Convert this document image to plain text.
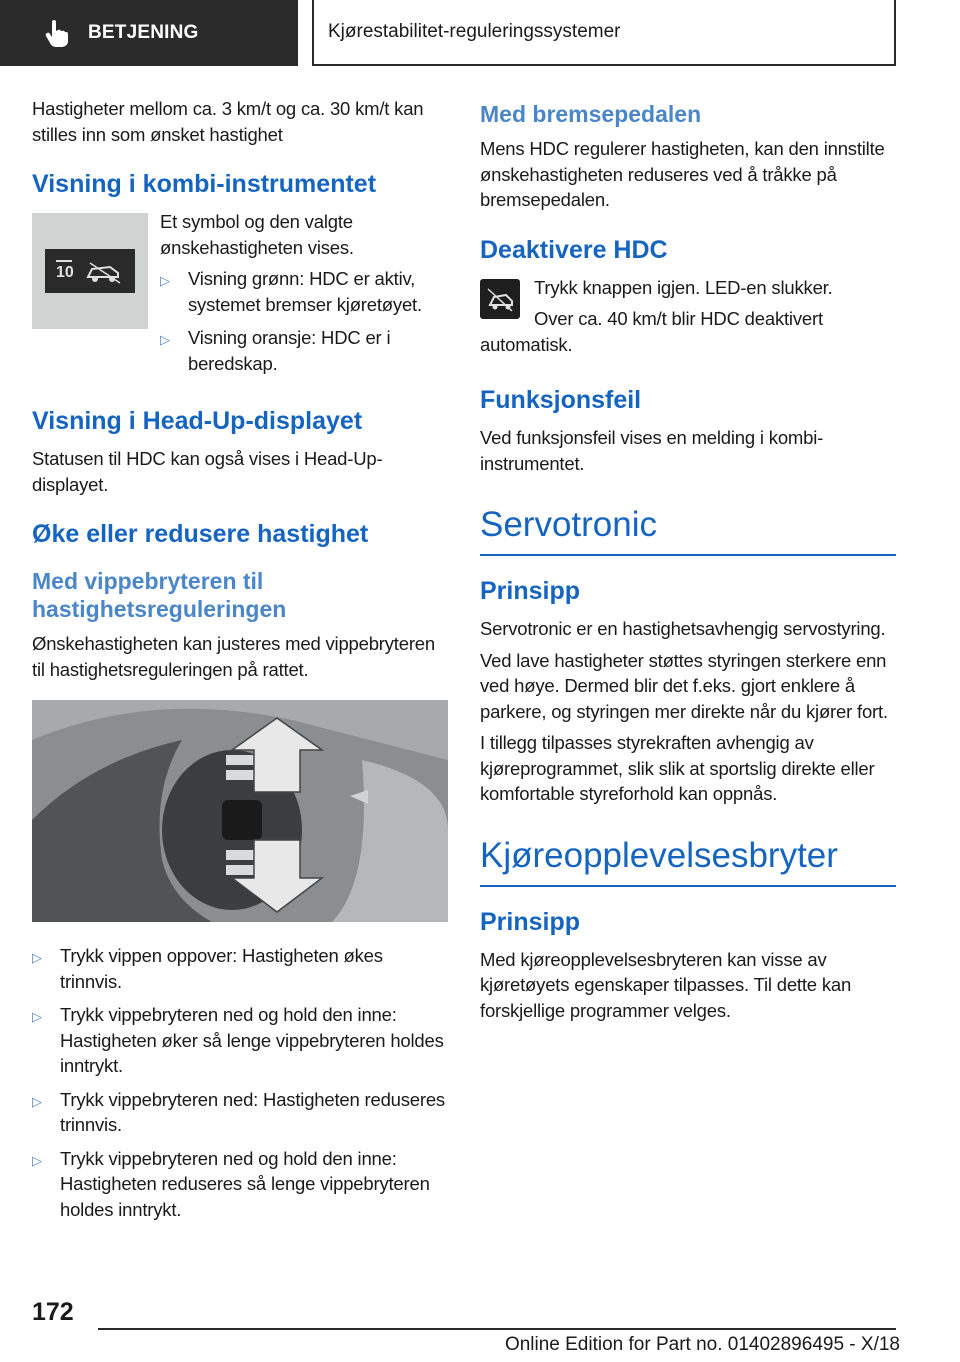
BETJENING	Kjørestabilitet-reguleringssystemer

Hastigheter mellom ca. 3 km/t og ca. 30 km/t kan stilles inn som ønsket hastighet

Visning i kombi-instrumentet
10

Et symbol og den valgte ønskehastigheten vises.

▷ Visning grønn: HDC er aktiv, systemet bremser kjøretøyet.
▷ Visning oransje: HDC er i beredskap.
Visning i Head-Up-displayet

Statusen til HDC kan også vises i Head-Up-displayet.

Øke eller redusere hastighet
Med vippebryteren til hastighetsreguleringen

Ønskehastigheten kan justeres med vippebryteren til hastighetsreguleringen på rattet.

▷ Trykk vippen oppover: Hastigheten økes trinnvis.
▷ Trykk vippebryteren ned og hold den inne: Hastigheten øker så lenge vippebryteren holdes inntrykt.
▷ Trykk vippebryteren ned: Hastigheten reduseres trinnvis.
▷ Trykk vippebryteren ned og hold den inne: Hastigheten reduseres så lenge vippebryteren holdes inntrykt.
Med bremsepedalen

Mens HDC regulerer hastigheten, kan den innstilte ønskehastigheten reduseres ved å tråkke på bremsepedalen.

Deaktivere HDC

Trykk knappen igjen. LED-en slukker.

Over ca. 40 km/t blir HDC deaktivert automatisk.

Funksjonsfeil

Ved funksjonsfeil vises en melding i kombi-instrumentet.

Servotronic
Prinsipp

Servotronic er en hastighetsavhengig servostyring.

Ved lave hastigheter støttes styringen sterkere enn ved høye. Dermed blir det f.eks. gjort enklere å parkere, og styringen mer direkte når du kjører fort.

I tillegg tilpasses styrekraften avhengig av kjøreprogrammet, slik slik at sportslig direkte eller komfortable styreforhold kan oppnås.

Kjøreopplevelsesbryter
Prinsipp

Med kjøreopplevelsesbryteren kan visse av kjøretøyets egenskaper tilpasses. Til dette kan forskjellige programmer velges.

172
Online Edition for Part no. 01402896495 - X/18
